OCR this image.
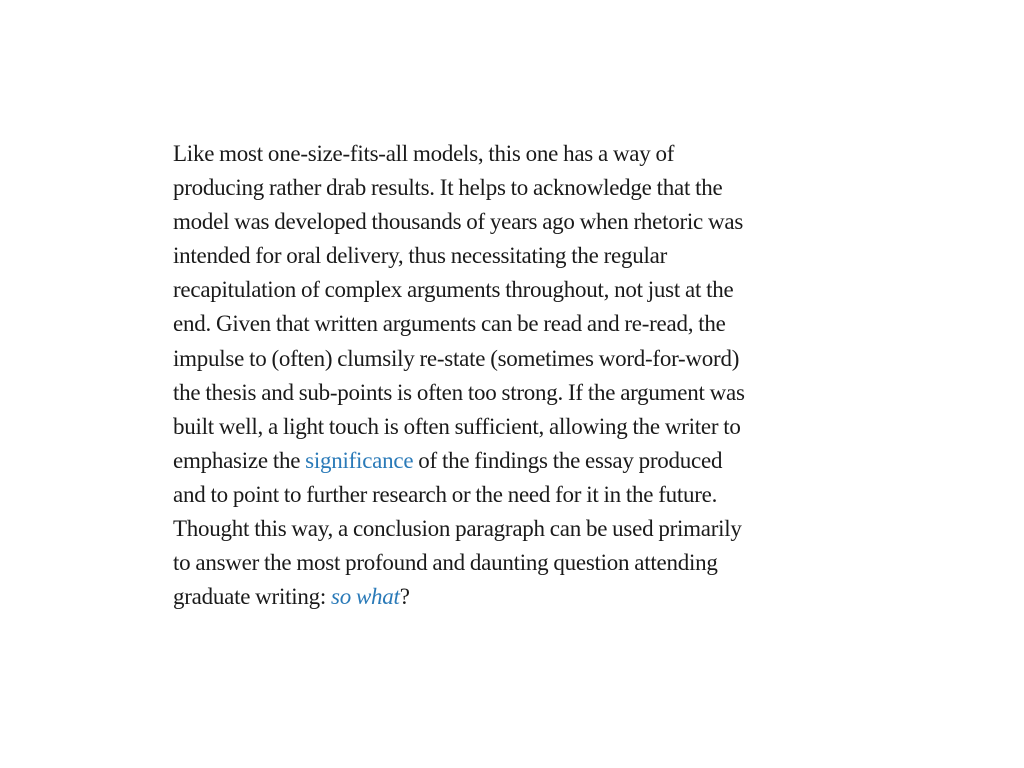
Like most one-size-fits-all models, this one has a way of
producing rather drab results. It helps to acknowledge that the
model was developed thousands of years ago when rhetoric was
intended for oral delivery, thus necessitating the regular
recapitulation of complex arguments throughout, not just at the
end. Given that written arguments can be read and re-read, the
impulse to (often) clumsily re-state (sometimes word-for-word)
the thesis and sub-points is often too strong. If the argument was
built well, a light touch is often sufficient, allowing the writer to
emphasize the significance of the findings the essay produced
and to point to further research or the need for it in the future.
Thought this way, a conclusion paragraph can be used primarily
to answer the most profound and daunting question attending
graduate writing: so what?
